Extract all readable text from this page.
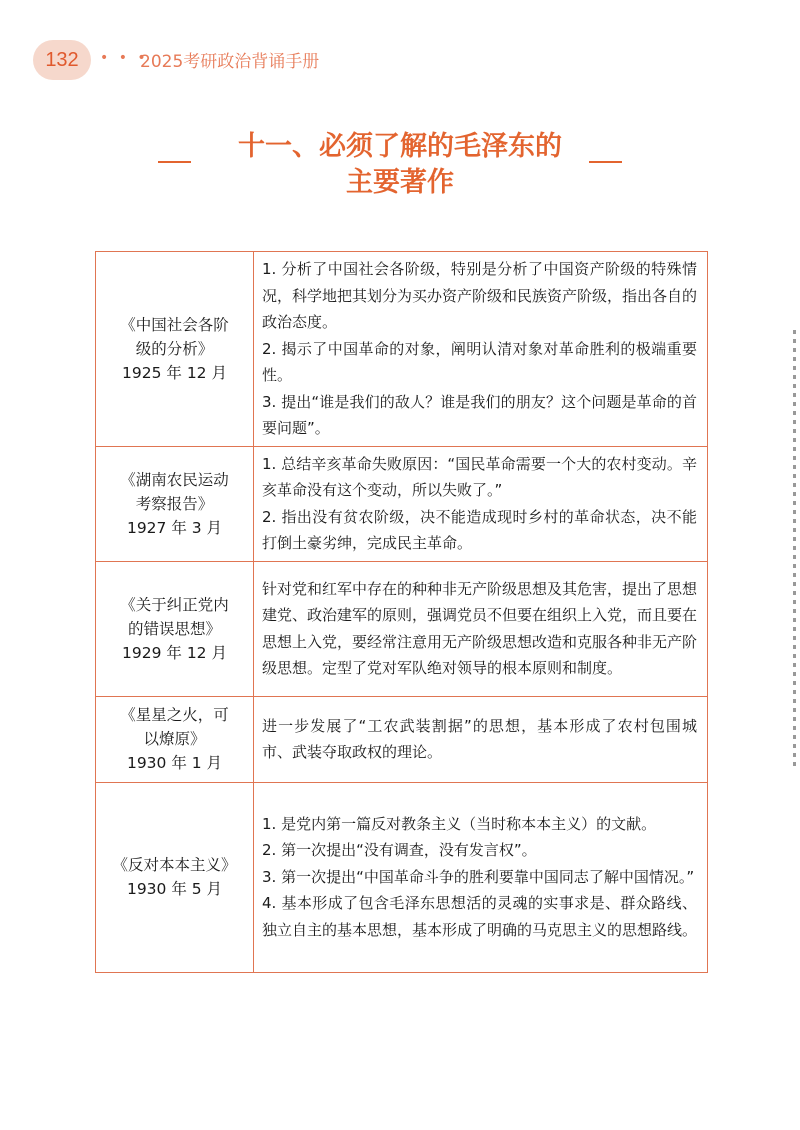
132	• • •
2025考研政治背诵手册
十一、必须了解的毛泽东的
主要著作
《中国社会各阶
级的分析》
1925 年 12 月	1. 分析了中国社会各阶级，特别是分析了中国资产阶级的特殊情况，科学地把其划分为买办资产阶级和民族资产阶级，指出各自的政治态度。
2. 揭示了中国革命的对象，阐明认清对象对革命胜利的极端重要性。
3. 提出“谁是我们的敌人？谁是我们的朋友？这个问题是革命的首要问题”。

《湖南农民运动
考察报告》
1927 年 3 月	1. 总结辛亥革命失败原因：“国民革命需要一个大的农村变动。辛亥革命没有这个变动，所以失败了。”
2. 指出没有贫农阶级，决不能造成现时乡村的革命状态，决不能打倒土豪劣绅，完成民主革命。

《关于纠正党内
的错误思想》
1929 年 12 月	针对党和红军中存在的种种非无产阶级思想及其危害，提出了思想建党、政治建军的原则，强调党员不但要在组织上入党，而且要在思想上入党，要经常注意用无产阶级思想改造和克服各种非无产阶级思想。定型了党对军队绝对领导的根本原则和制度。

《星星之火，可
以燎原》
1930 年 1 月	进一步发展了“工农武装割据”的思想，基本形成了农村包围城市、武装夺取政权的理论。

《反对本本主义》
1930 年 5 月	1. 是党内第一篇反对教条主义（当时称本本主义）的文献。
2. 第一次提出“没有调查，没有发言权”。
3. 第一次提出“中国革命斗争的胜利要靠中国同志了解中国情况。”
4. 基本形成了包含毛泽东思想活的灵魂的实事求是、群众路线、独立自主的基本思想，基本形成了明确的马克思主义的思想路线。
